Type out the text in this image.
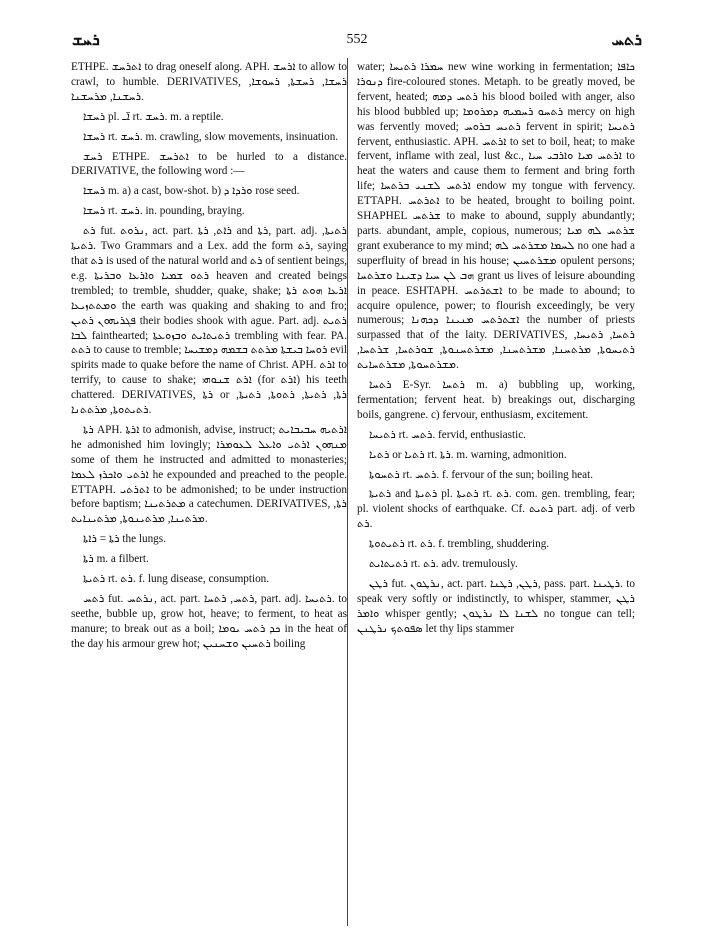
ܪܚܫ	552	ܪܬܚ

ETHPE. ܐܬܪܚܫ to drag oneself along. APH. ܐܪܚܫ to allow to crawl, to humble. DERIVATIVES, ܪܚܫܐ, ܪܚܫܬܐ, ܪܚܘܫܐ, ܪܚܫܢܐ, ܡܪܚܫܢܐ.

ܪܚܫܐ pl. ܐ̈ـ rt. ܪܚܫ. m. a reptile.

ܪܚܫܐ rt. ܪܚܫ. m. crawling, slow movements, insinuation.

ܪܚܫ ETHPE. ܐܬܪܚܫ to be hurled to a distance. DERIVATIVE, the following word :—

ܪܚܫܐ m. a) a cast, bow-shot. b) ܘܪܕܐ ܕ rose seed.

ܪܚܫܐ rt. ܪܚܫ. in. pounding, braying.

ܪܬ fut. ܢܪܘܬ, act. part. ܪܐܬ, ܪܬܐ and ܪܬܐ, part. adj. ܪܬܝܬܐ, ܪܬܝܬܐ. Two Grammars and a Lex. add the form ܪܬ, saying that ܪܬ is used of the natural world and ܪܬ of sentient beings, e.g. ܪܬܘ ܫܡܝܐ ܘܐܪܥܐ ܘܒܪܝܬܐ heaven and created beings trembled; to tremble, shudder, quake, shake; ܐܪܥܐ ܗܘܬ ܪܬܐ ܘܡܬܬܙܝܥܐ the earth was quaking and shaking to and fro; ܦܓܪܝܗܘܢ ܪܬܝܢ their bodies shook with ague. Part. adj. ܪܬܝܬ ܠܒܐ fainthearted; ܪܬܝܬܐܝܬ ܘܒܙܘܥܬܐ trembling with fear. PA. ܪܬܬ to cause to tremble; ܪܘܚܐ ܒܝܫܬܐ ܡܪܬܬ ܒܫܡܗ ܕܡܫܝܚܐ evil spirits made to quake before the name of Christ. APH. ܐܪܬ to terrify, to cause to shake; ܐܪܬ ܫܢܘܗܝ (for ܐܪܬ) his teeth chattered. DERIVATIVES, ܪܬܐ or ܪܬܐ, ܪܬܝܬܐ, ܪܬܘܬܐ, ܪܬܝܬܐ, ܪܬܝܬܘܬܐ, ܡܪܬܬܢܐ.

ܪܬܐ APH. ܐܪܬܐ to admonish, advise, instruct; ܐܪܬܝܗ ܚܒܝܒܐܝܬ he admonished him lovingly; ܡܢܗܘܢ ܐܪܬܝ ܘܐܥܠ ܠܥܘܡܪܐ some of them he instructed and admitted to monasteries; ܐܪܬܝ ܘܐܟܪܙ ܠܥܡܐ he expounded and preached to the people. ETTAPH. ܐܬܪܬܝ to be admonished; to be under instruction before baptism; ܡܬܪܬܝܢܐ a catechumen. DERIVATIVES, ܪܬܐ, ܡܪܬܝܢܐ, ܡܪܬܝܢܘܬܐ, ܡܪܬܝܢܐܝܬ.

ܪܬܐ = ܪܐܬܐ the lungs.

ܪܬܐ m. a filbert.

ܪܬܝܬܐ rt. ܪܬ. f. lung disease, consumption.

ܪܬܚ fut. ܢܪܬܚ, act. part. ܪܬܚ, ܪܬܚܐ, part. adj. ܪܬܝܚܐ. to seethe, bubble up, grow hot, heave; to ferment, to heat as manure; to break out as a boil; ܟܕ ܪܬܚ ܝܘܡܐ in the heat of the day his armour grew hot; ܪܬܚܝܢ ܘܫܚܢܝܢ boiling

water; ܚܡܪܐ ܪܬܝܚܐ new wine working in fermentation; ܟܐܦܐ ܕܢܘܪܐ fire-coloured stones. Metaph. to be greatly moved, be fervent, heated; ܪܬܚ ܕܡܗ his blood boiled with anger, also his blood bubbled up; ܪܬܚܘ ܪܚܡܝܗ ܕܡܪܘܡܐ mercy on high was fervently moved; ܪܬܝܚ ܒܪܘܚ fervent in spirit; ܪܬܝܚܐ fervent, enthusiastic. APH. ܐܪܬܚ to set to boil, heat; to make fervent, inflame with zeal, lust &c., ܐܪܬܚ ܡܝܐ ܘܐܪܒܝ ܚܝܐ to heat the waters and cause them to ferment and bring forth life; ܐܪܬܚ ܠܫܢܝ ܒܪܬܚܐ endow my tongue with fervency. ETTAPH. ܐܬܪܬܚ to be heated, brought to boiling point. SHAPHEL ܫܪܬܚ to make to abound, supply abundantly; parts. abundant, ample, copious, numerous; ܫܪܬܚ ܠܗ ܡܝܐ grant exuberance to my mind; ܠܚܡܐ ܡܫܪܬܚ ܠܗ no one had a superfluity of bread in his house; ܡܫܪܬܚܝܢ opulent persons; ܗܒ ܠܢ ܚܝܐ ܕܫܝܢܐ ܘܫܪܬܚܐ grant us lives of leisure abounding in peace. ESHTAPH. ܐܫܬܪܬܚ to be made to abound; to acquire opulence, power; to flourish exceedingly, be very numerous; ܐܫܬܪܬܚ ܡܢܝܢܐ ܕܟܗܢܐ the number of priests surpassed that of the laity. DERIVATIVES, ܪܬܚܐ, ܪܬܝܚܐ, ܪܬܝܚܘܬܐ, ܡܪܬܚܢܐ, ܡܫܪܬܚܢܐ, ܡܫܪܬܚܢܘܬܐ, ܫܘܪܬܚܐ, ܫܪܬܚܐ, ܡܫܪܬܚܘܬܐ, ܡܫܪܬܚܐܝܬ.

ܪܬܚܐ E-Syr. ܪܬܚܐ m. a) bubbling up, working, fermentation; fervent heat. b) breakings out, discharging boils, gangrene. c) fervour, enthusiasm, excitement.

ܪܬܝܚܐ rt. ܪܬܚ. fervid, enthusiastic.

ܪܬܝܐ or ܪܬܝܐ rt. ܪܬܐ. m. warning, admonition.

ܪܬܚܘܬܐ rt. ܪܬܚ. f. fervour of the sun; boiling heat.

ܪܬܝܬܐ and ܪܬܝܬܐ pl. ܪܬܝܬܐ rt. ܪܬ. com. gen. trembling, fear; pl. violent shocks of earthquake. Cf. ܪܬܝܬ part. adj. of verb ܪܬ.

ܪܬܝܬܘܬܐ rt. ܪܬ. f. trembling, shuddering.

ܪܬܝܬܐܝܬ rt. ܪܬ. adv. tremulously.

ܪܛܢ fut. ܢܪܛܘܢ, act. part. ܪܛܢ, ܪܛܢܐ, pass. part. ܪܛܝܢܐ. to speak very softly or indistinctly, to whisper, stammer, ܪܛܢ ܘܐܡܪ whisper gently; ܠܫܢܐ ܠܐ ܢܪܛܘܢ no tongue can tell; ܣܦܘܬܟ ܢܪܛܢܢ let thy lips stammer
